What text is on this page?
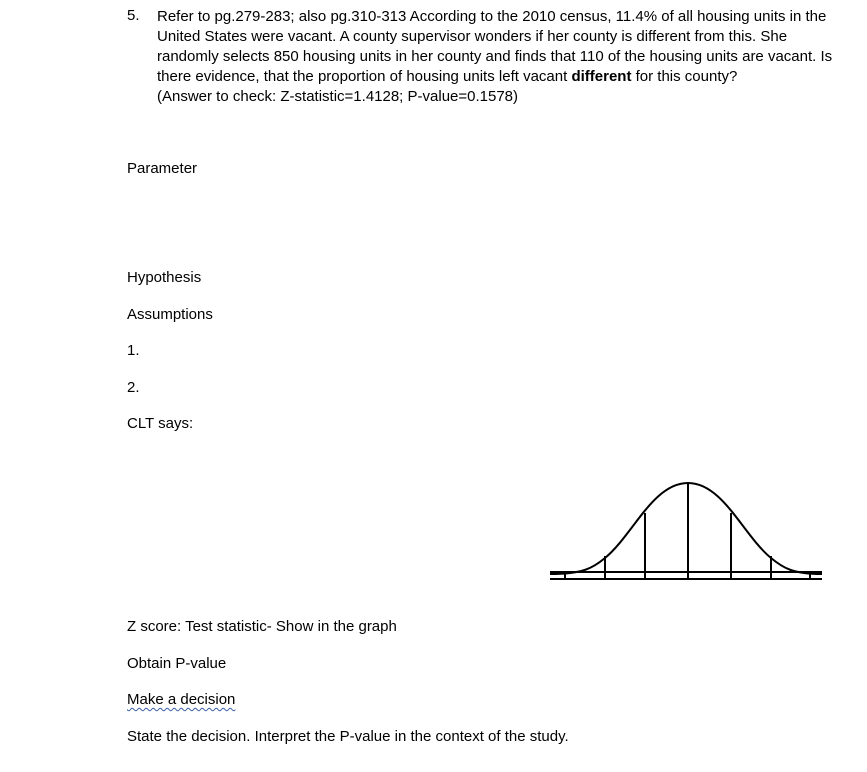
5. Refer to pg.279-283; also pg.310-313 According to the 2010 census, 11.4% of all housing units in the United States were vacant. A county supervisor wonders if her county is different from this. She randomly selects 850 housing units in her county and finds that 110 of the housing units are vacant. Is there evidence, that the proportion of housing units left vacant different for this county?

(Answer to check: Z-statistic=1.4128; P-value=0.1578)

Parameter
Hypothesis
Assumptions
1.
2.
CLT says:
Z score: Test statistic- Show in the graph
Obtain P-value
Make a decision
State the decision. Interpret the P-value in the context of the study.
